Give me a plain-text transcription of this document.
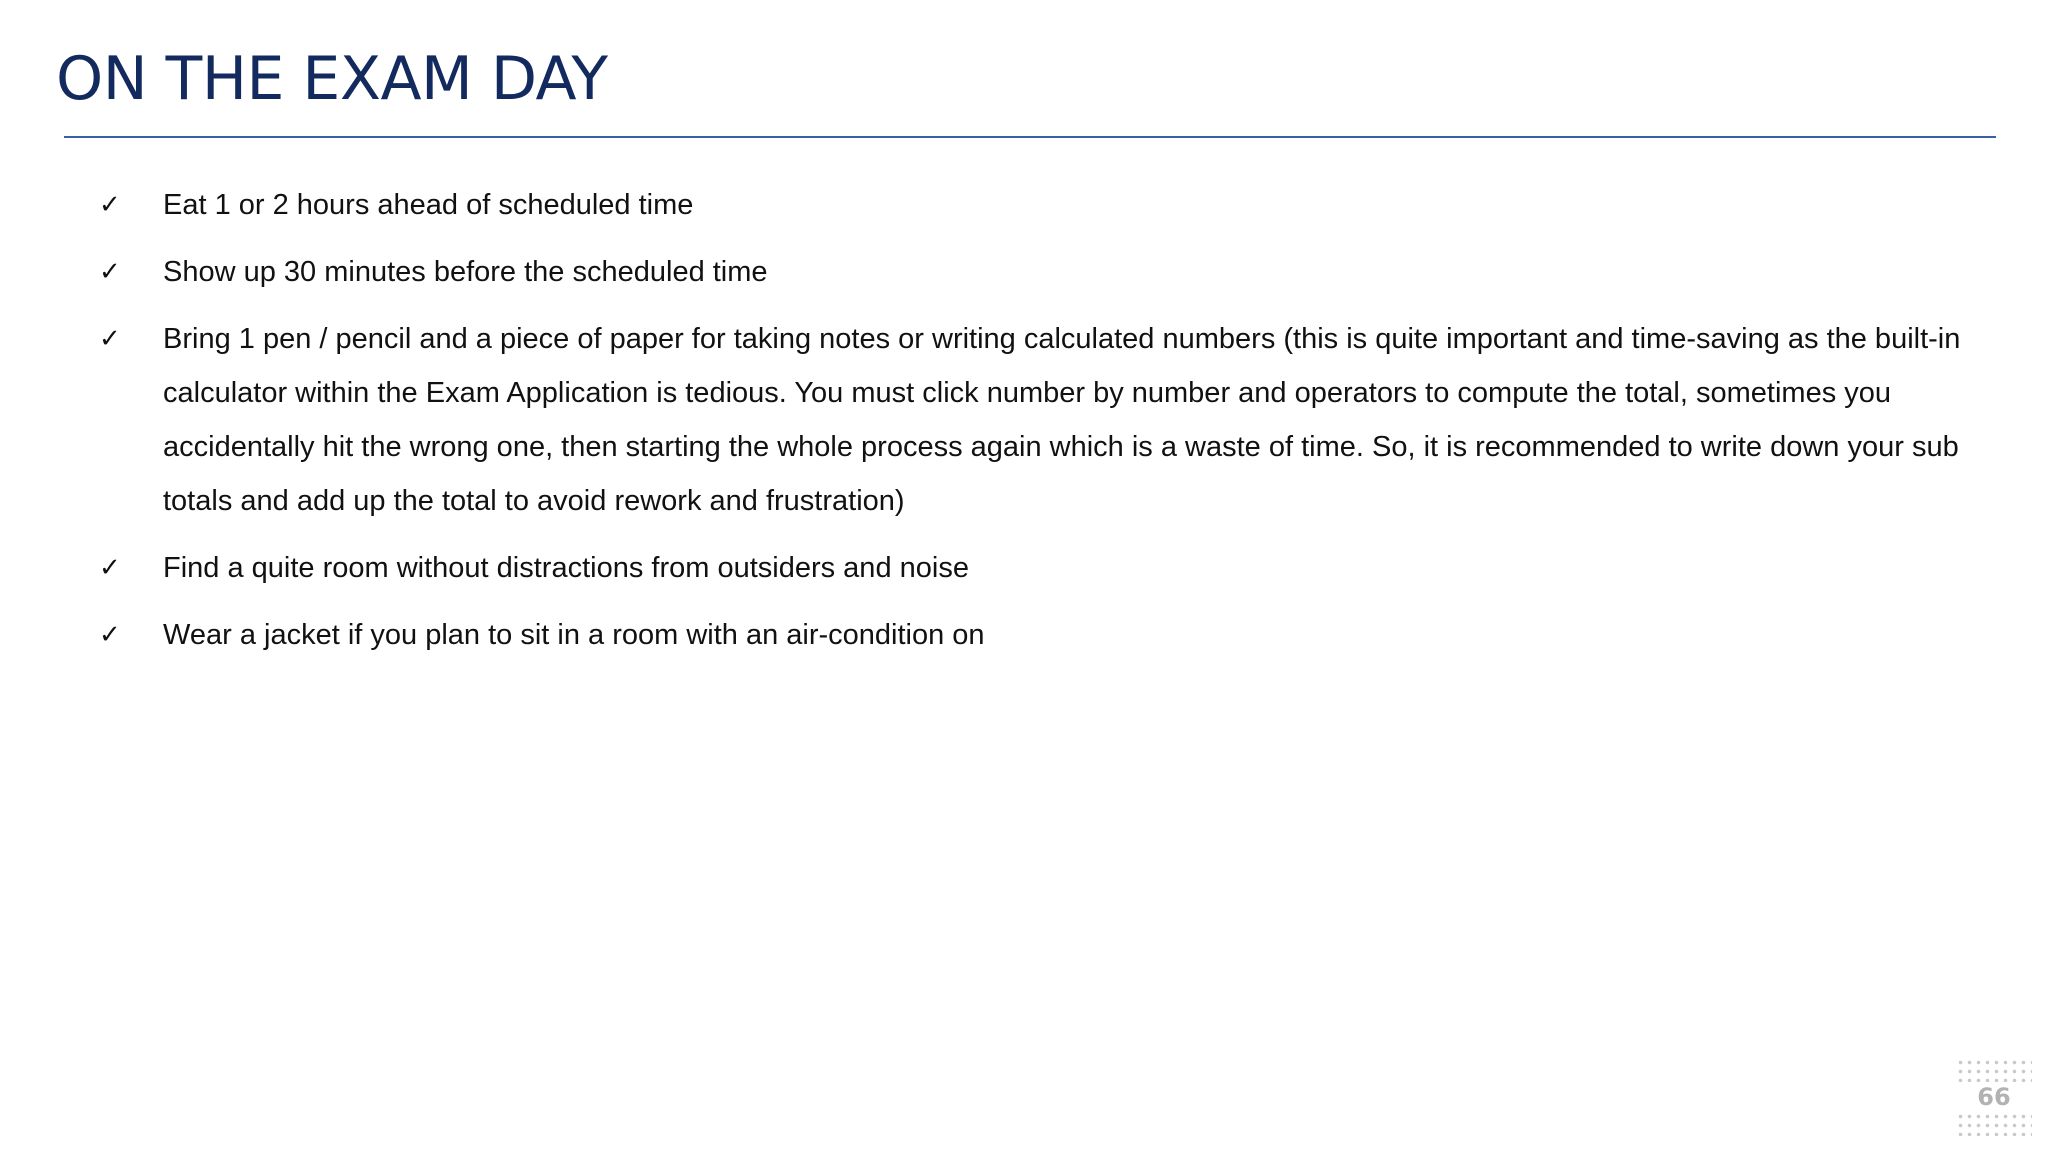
ON THE EXAM DAY
✓ Eat 1 or 2 hours ahead of scheduled time
✓ Show up 30 minutes before the scheduled time
✓ Bring 1 pen / pencil and a piece of paper for taking notes or writing calculated numbers (this is quite important and time-saving as the built-in calculator within the Exam Application is tedious. You must click number by number and operators to compute the total, sometimes you accidentally hit the wrong one, then starting the whole process again which is a waste of time. So, it is recommended to write down your sub totals and add up the total to avoid rework and frustration)
✓ Find a quite room without distractions from outsiders and noise
✓ Wear a jacket if you plan to sit in a room with an air-condition on
66
